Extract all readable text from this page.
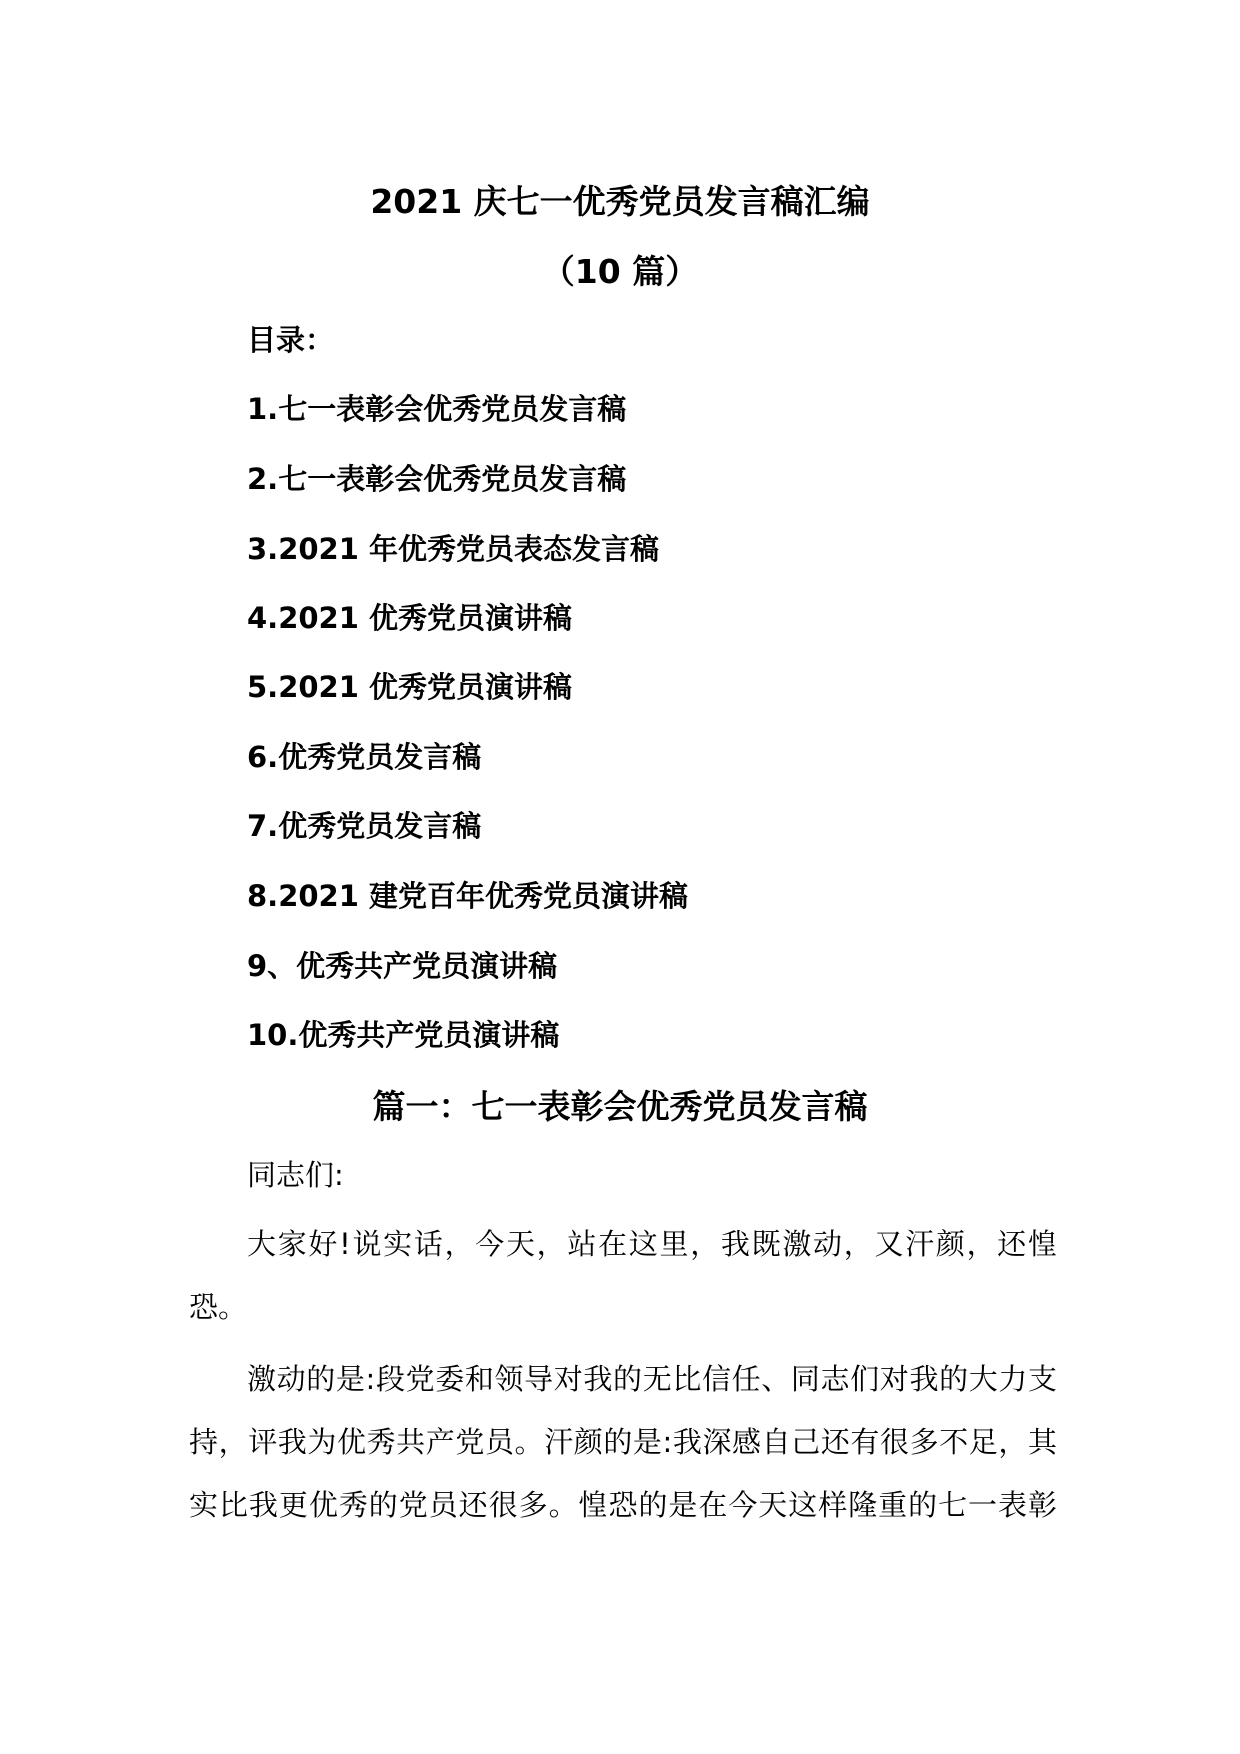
2021 庆七一优秀党员发言稿汇编
（10 篇）
目录：
1.七一表彰会优秀党员发言稿
2.七一表彰会优秀党员发言稿
3.2021 年优秀党员表态发言稿
4.2021 优秀党员演讲稿
5.2021 优秀党员演讲稿
6.优秀党员发言稿
7.优秀党员发言稿
8.2021 建党百年优秀党员演讲稿
9、优秀共产党员演讲稿
10.优秀共产党员演讲稿
篇一：七一表彰会优秀党员发言稿
同志们:
大家好!说实话，今天，站在这里，我既激动，又汗颜，还惶
恐。
激动的是:段党委和领导对我的无比信任、同志们对我的大力支
持，评我为优秀共产党员。汗颜的是:我深感自己还有很多不足，其
实比我更优秀的党员还很多。惶恐的是在今天这样隆重的七一表彰
